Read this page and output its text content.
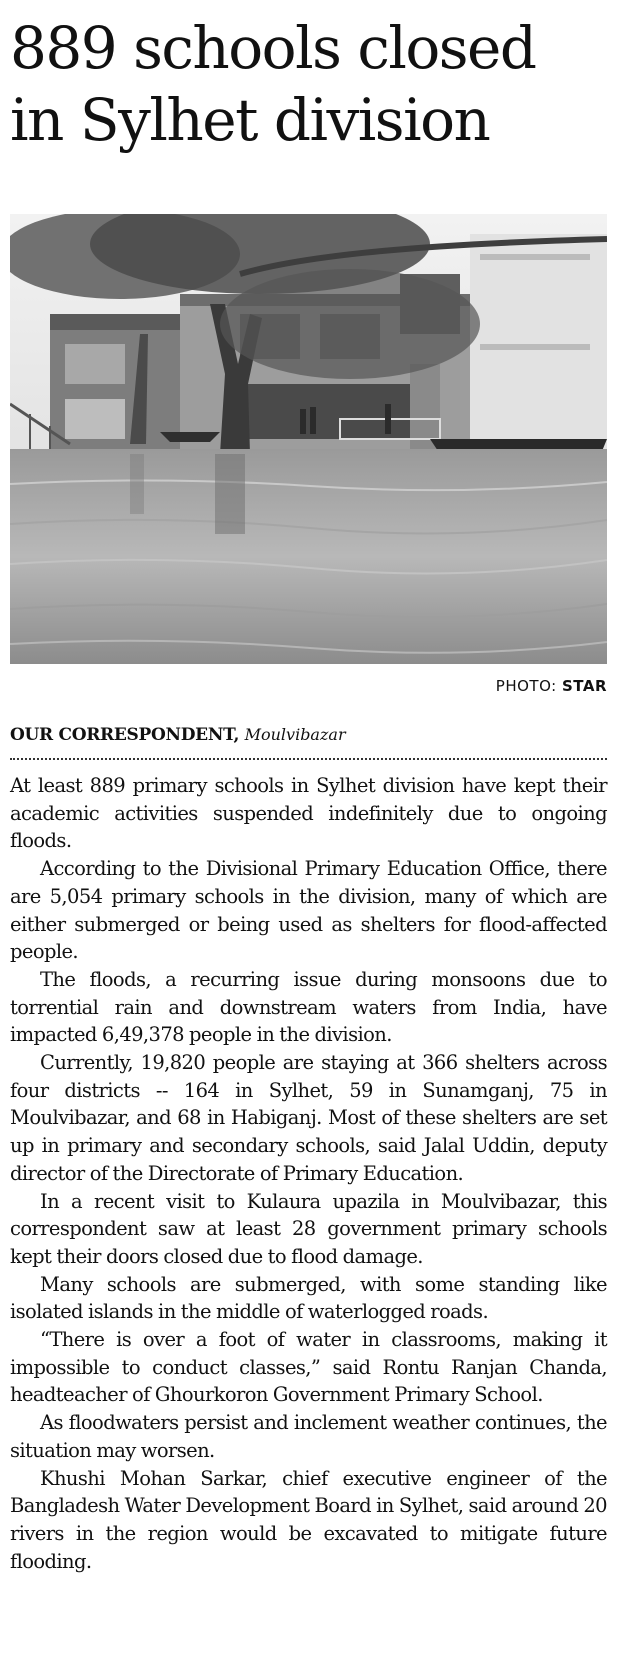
889 schools closed
in Sylhet division
PHOTO: STAR
OUR CORRESPONDENT, Moulvibazar

At least 889 primary schools in Sylhet division have kept their academic activities suspended indefinitely due to ongoing floods.

According to the Divisional Primary Education Office, there are 5,054 primary schools in the division, many of which are either submerged or being used as shelters for flood-affected people.

The floods, a recurring issue during monsoons due to torrential rain and downstream waters from India, have impacted 6,49,378 people in the division.

Currently, 19,820 people are staying at 366 shelters across four districts -- 164 in Sylhet, 59 in Sunamganj, 75 in Moulvibazar, and 68 in Habiganj. Most of these shelters are set up in primary and secondary schools, said Jalal Uddin, deputy director of the Directorate of Primary Education.

In a recent visit to Kulaura upazila in Moulvibazar, this correspondent saw at least 28 government primary schools kept their doors closed due to flood damage.

Many schools are submerged, with some standing like isolated islands in the middle of waterlogged roads.

“There is over a foot of water in classrooms, making it impossible to conduct classes,” said Rontu Ranjan Chanda, headteacher of Ghourkoron Government Primary School.

As floodwaters persist and inclement weather continues, the situation may worsen.

Khushi Mohan Sarkar, chief executive engineer of the Bangladesh Water Development Board in Sylhet, said around 20 rivers in the region would be excavated to mitigate future flooding.
